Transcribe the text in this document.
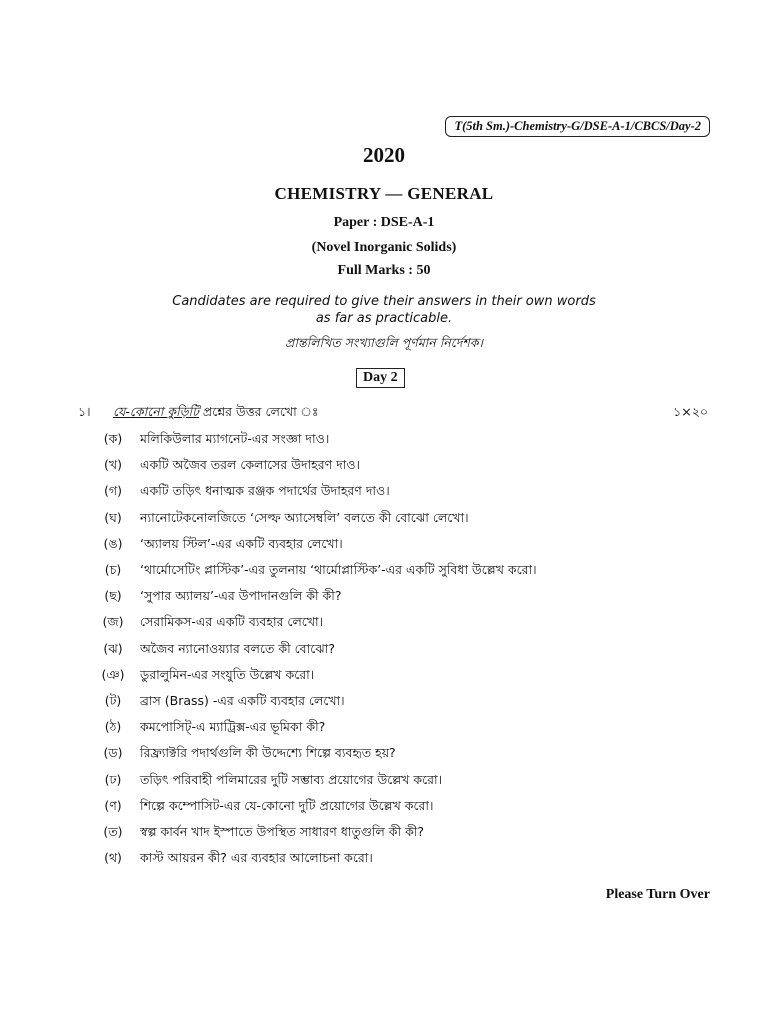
T(5th Sm.)-Chemistry-G/DSE-A-1/CBCS/Day-2
2020
CHEMISTRY — GENERAL
Paper : DSE-A-1
(Novel Inorganic Solids)
Full Marks : 50
Candidates are required to give their answers in their own words
as far as practicable.
প্রান্তলিখিত সংখ্যাগুলি পূর্ণমান নির্দেশক।
Day 2
১। যে-কোনো কুড়িটি প্রশ্নের উত্তর লেখো ঃ	১×২০
(ক)	মলিকিউলার ম্যাগনেট-এর সংজ্ঞা দাও।
(খ)	একটি অজৈব তরল কেলাসের উদাহরণ দাও।
(গ)	একটি তড়িৎ ধনাত্মক রঞ্জক পদার্থের উদাহরণ দাও।
(ঘ)	ন্যানোটেকনোলজিতে ‘সেল্ফ অ্যাসেম্বলি’ বলতে কী বোঝো লেখো।
(ঙ)	‘অ্যালয় স্টিল’-এর একটি ব্যবহার লেখো।
(চ)	‘থার্মোসেটিং প্লাস্টিক’-এর তুলনায় ‘থার্মোপ্লাস্টিক’-এর একটি সুবিধা উল্লেখ করো।
(ছ)	‘সুপার অ্যালয়’-এর উপাদানগুলি কী কী?
(জ)	সেরামিকস-এর একটি ব্যবহার লেখো।
(ঝ)	অজৈব ন্যানোওয়্যার বলতে কী বোঝো?
(ঞ)	ডুরালুমিন-এর সংযুতি উল্লেখ করো।
(ট)	ব্রাস (Brass) -এর একটি ব্যবহার লেখো।
(ঠ)	কমপোসিট্-এ ম্যাট্রিক্স-এর ভূমিকা কী?
(ড)	রিফ্র্যাক্টরি পদার্থগুলি কী উদ্দেশ্যে শিল্পে ব্যবহৃত হয়?
(ঢ)	তড়িৎ পরিবাহী পলিমারের দুটি সম্ভাব্য প্রয়োগের উল্লেখ করো।
(ণ)	শিল্পে কম্পোসিট-এর যে-কোনো দুটি প্রয়োগের উল্লেখ করো।
(ত)	স্বল্প কার্বন খাদ ইস্পাতে উপস্থিত সাধারণ ধাতুগুলি কী কী?
(থ)	কাস্ট আয়রন কী? এর ব্যবহার আলোচনা করো।
Please Turn Over
